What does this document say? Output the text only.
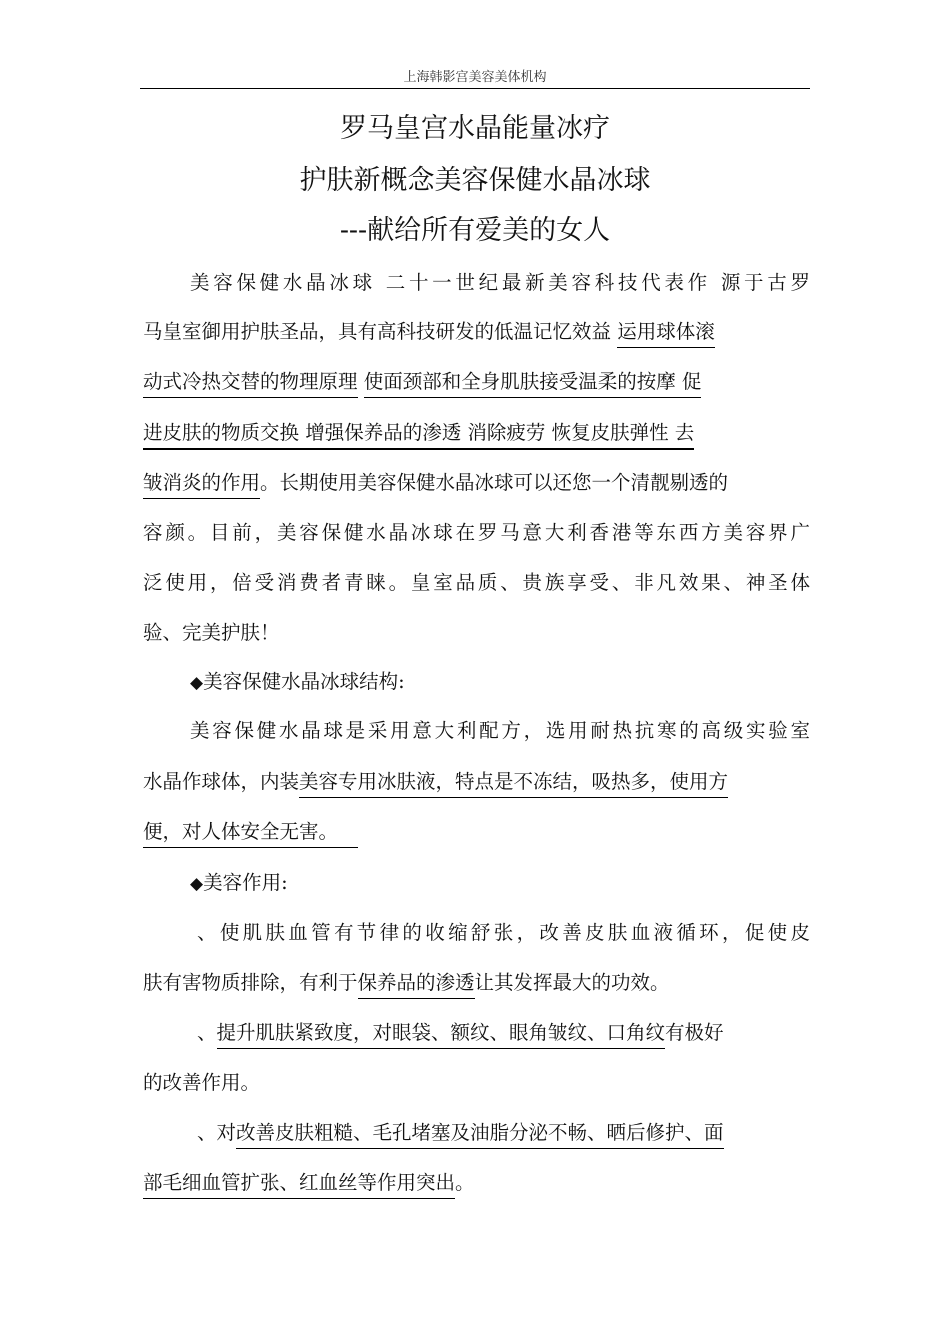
上海韩影宫美容美体机构
罗马皇宫水晶能量冰疗
护肤新概念美容保健水晶冰球
---献给所有爱美的女人
美容保健水晶冰球 二十一世纪最新美容科技代表作 源于古罗
马皇室御用护肤圣品，具有高科技研发的低温记忆效益 运用球体滚
动式冷热交替的物理原理 使面颈部和全身肌肤接受温柔的按摩 促
进皮肤的物质交换 增强保养品的渗透 消除疲劳 恢复皮肤弹性 去
皱消炎的作用。长期使用美容保健水晶冰球可以还您一个清靓剔透的
容颜。目前，美容保健水晶冰球在罗马意大利香港等东西方美容界广
泛使用，倍受消费者青睐。皇室品质、贵族享受、非凡效果、神圣体
验、完美护肤！
◆美容保健水晶冰球结构:
美容保健水晶球是采用意大利配方，选用耐热抗寒的高级实验室
水晶作球体，内装美容专用冰肤液，特点是不冻结，吸热多，使用方
便，对人体安全无害。
◆美容作用:
、使肌肤血管有节律的收缩舒张，改善皮肤血液循环，促使皮
肤有害物质排除，有利于保养品的渗透让其发挥最大的功效。
、提升肌肤紧致度，对眼袋、额纹、眼角皱纹、口角纹有极好
的改善作用。
、对改善皮肤粗糙、毛孔堵塞及油脂分泌不畅、晒后修护、面
部毛细血管扩张、红血丝等作用突出。
